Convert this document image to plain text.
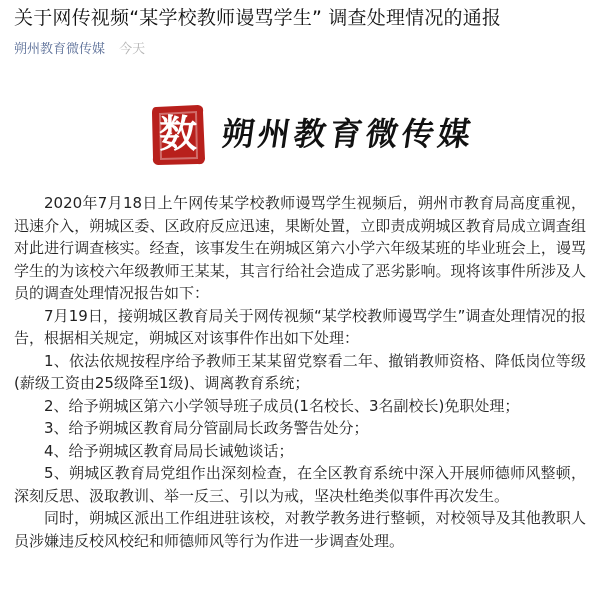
关于网传视频“某学校教师谩骂学生” 调查处理情况的通报
朔州教育微传媒 今天
数 朔州教育微传媒

2020年7月18日上午网传某学校教师谩骂学生视频后，朔州市教育局高度重视，迅速介入，朔城区委、区政府反应迅速，果断处置，立即责成朔城区教育局成立调查组对此进行调查核实。经查，该事发生在朔城区第六小学六年级某班的毕业班会上，谩骂学生的为该校六年级教师王某某，其言行给社会造成了恶劣影响。现将该事件所涉及人员的调查处理情况报告如下：

7月19日，接朔城区教育局关于网传视频“某学校教师谩骂学生”调查处理情况的报告，根据相关规定，朔城区对该事件作出如下处理：

1、依法依规按程序给予教师王某某留党察看二年、撤销教师资格、降低岗位等级(薪级工资由25级降至1级)、调离教育系统；

2、给予朔城区第六小学领导班子成员(1名校长、3名副校长)免职处理；

3、给予朔城区教育局分管副局长政务警告处分；

4、给予朔城区教育局局长诫勉谈话；

5、朔城区教育局党组作出深刻检查，在全区教育系统中深入开展师德师风整顿，深刻反思、汲取教训、举一反三、引以为戒，坚决杜绝类似事件再次发生。

同时，朔城区派出工作组进驻该校，对教学教务进行整顿，对校领导及其他教职人员涉嫌违反校风校纪和师德师风等行为作进一步调查处理。
